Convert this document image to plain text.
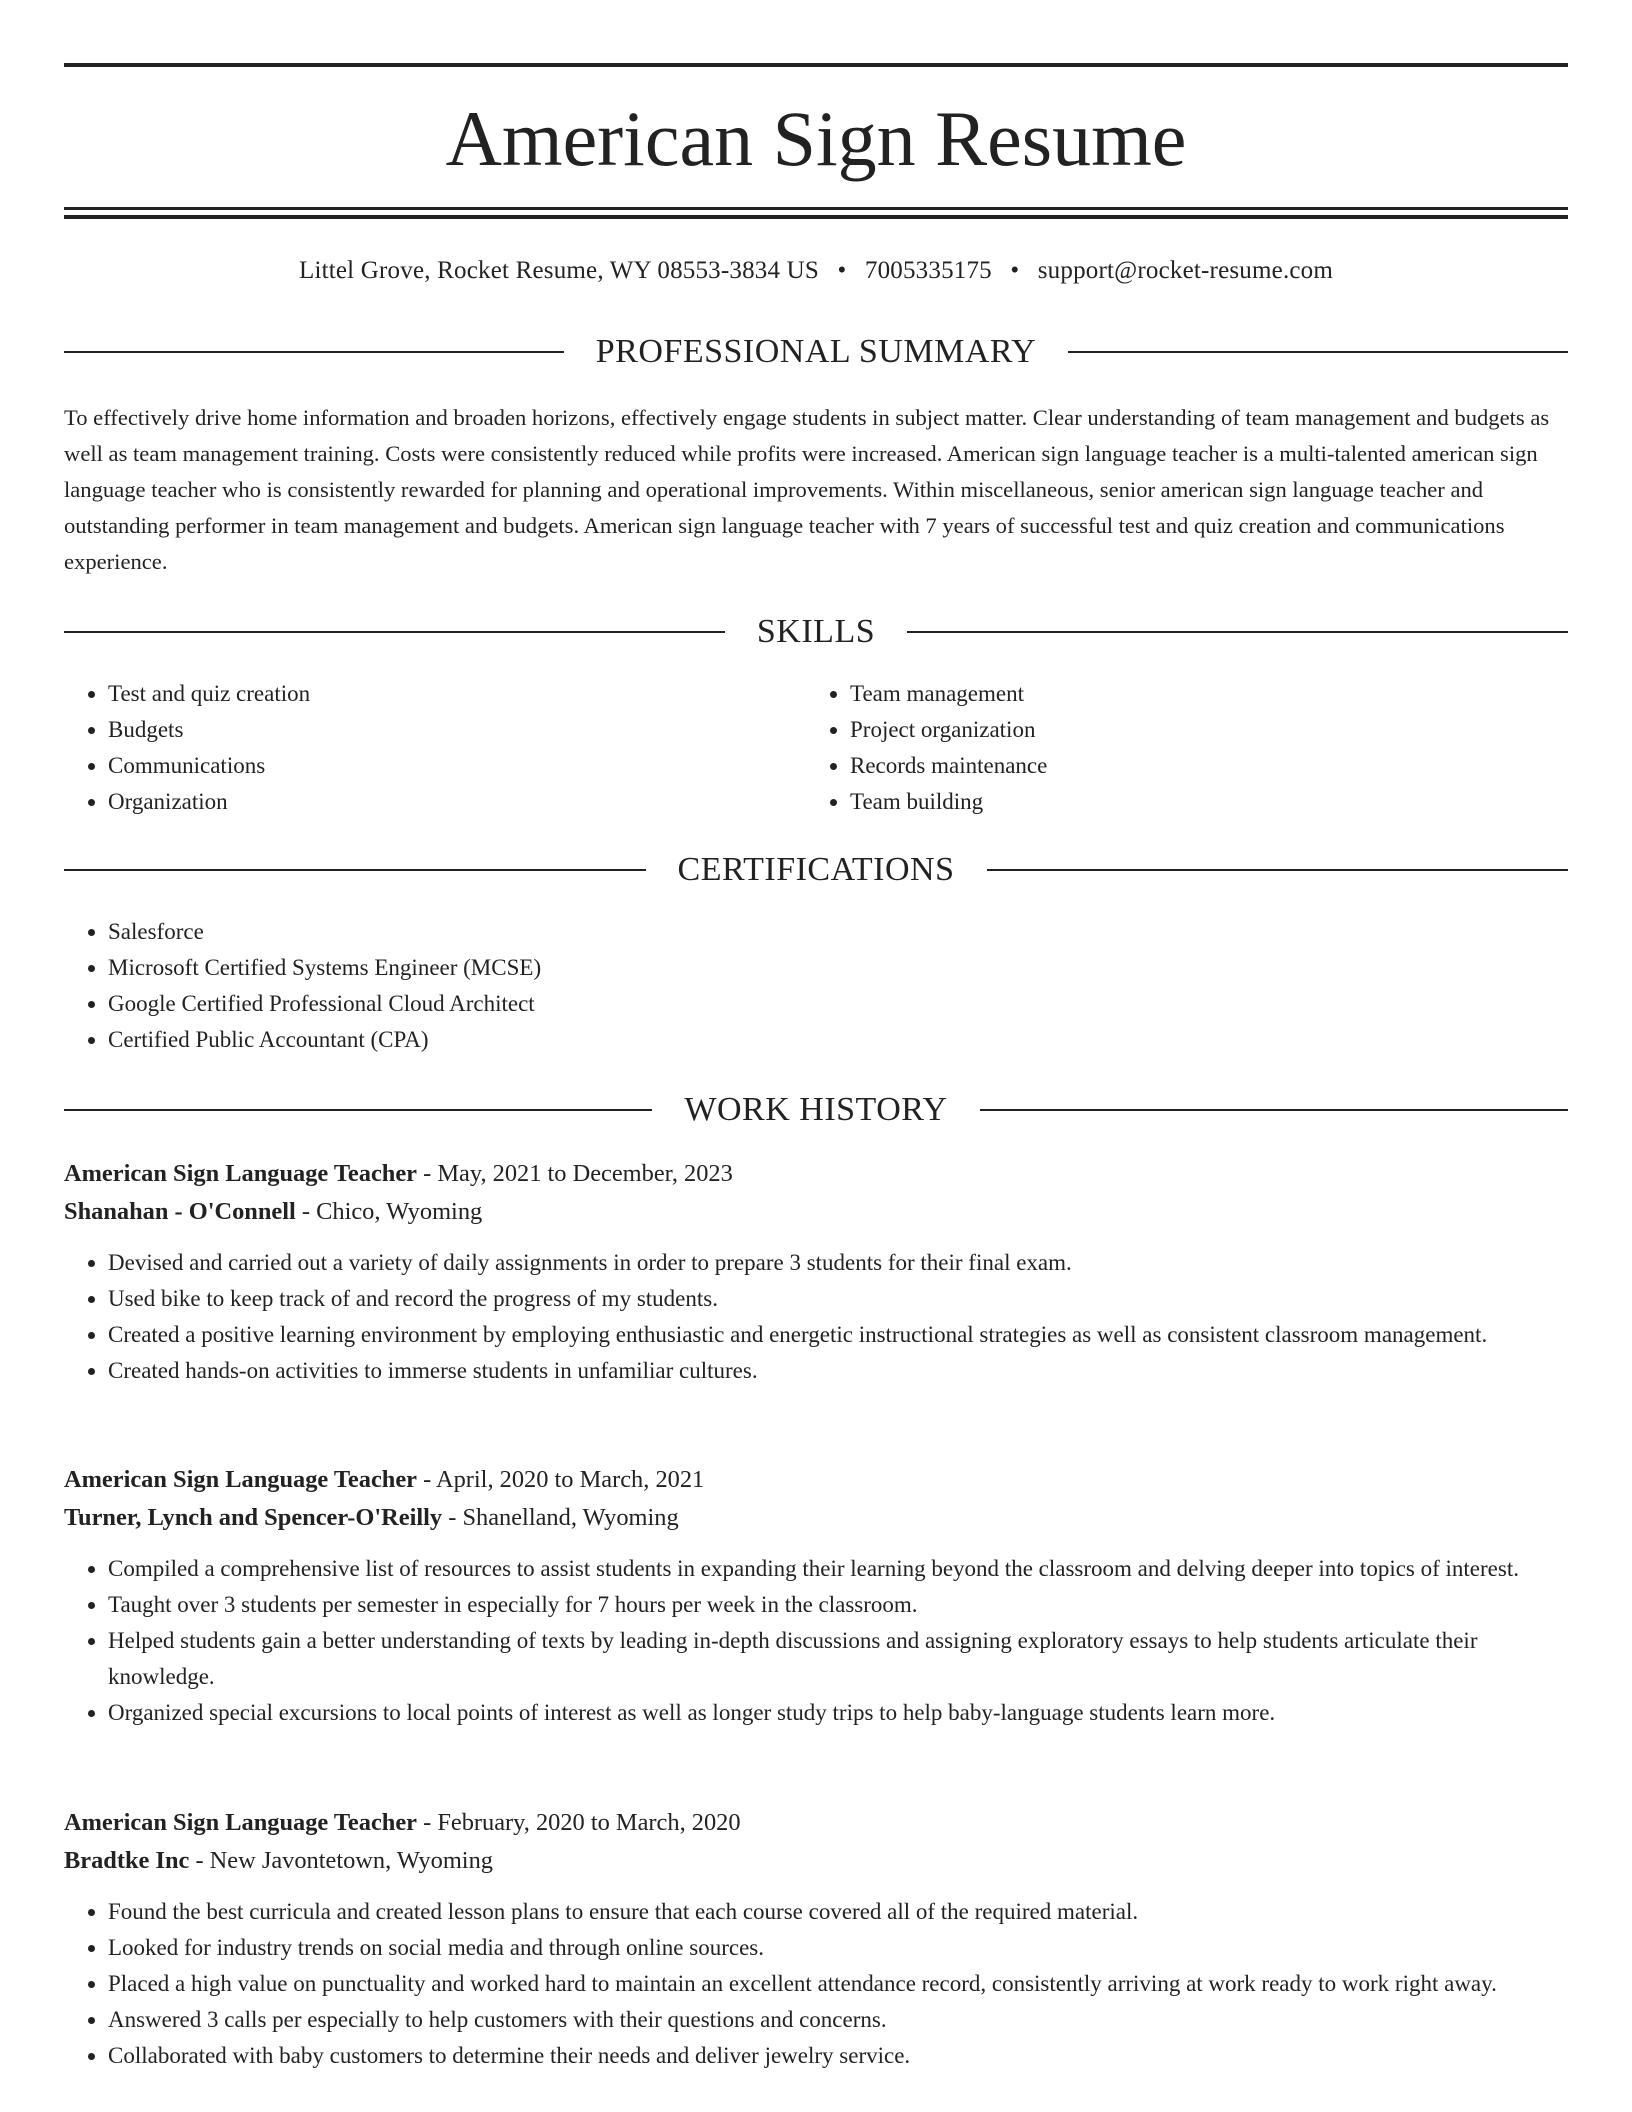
American Sign Resume
Littel Grove, Rocket Resume, WY 08553-3834 US • 7005335175 • support@rocket-resume.com
PROFESSIONAL SUMMARY

To effectively drive home information and broaden horizons, effectively engage students in subject matter. Clear understanding of team management and budgets as well as team management training. Costs were consistently reduced while profits were increased. American sign language teacher is a multi-talented american sign language teacher who is consistently rewarded for planning and operational improvements. Within miscellaneous, senior american sign language teacher and outstanding performer in team management and budgets. American sign language teacher with 7 years of successful test and quiz creation and communications experience.

SKILLS
• Test and quiz creation
• Budgets
• Communications
• Organization
• Team management
• Project organization
• Records maintenance
• Team building
CERTIFICATIONS
• Salesforce
• Microsoft Certified Systems Engineer (MCSE)
• Google Certified Professional Cloud Architect
• Certified Public Accountant (CPA)
WORK HISTORY
American Sign Language Teacher - May, 2021 to December, 2023
Shanahan - O'Connell - Chico, Wyoming
• Devised and carried out a variety of daily assignments in order to prepare 3 students for their final exam.
• Used bike to keep track of and record the progress of my students.
• Created a positive learning environment by employing enthusiastic and energetic instructional strategies as well as consistent classroom management.
• Created hands-on activities to immerse students in unfamiliar cultures.
American Sign Language Teacher - April, 2020 to March, 2021
Turner, Lynch and Spencer-O'Reilly - Shanelland, Wyoming
• Compiled a comprehensive list of resources to assist students in expanding their learning beyond the classroom and delving deeper into topics of interest.
• Taught over 3 students per semester in especially for 7 hours per week in the classroom.
• Helped students gain a better understanding of texts by leading in-depth discussions and assigning exploratory essays to help students articulate their knowledge.
• Organized special excursions to local points of interest as well as longer study trips to help baby-language students learn more.
American Sign Language Teacher - February, 2020 to March, 2020
Bradtke Inc - New Javontetown, Wyoming
• Found the best curricula and created lesson plans to ensure that each course covered all of the required material.
• Looked for industry trends on social media and through online sources.
• Placed a high value on punctuality and worked hard to maintain an excellent attendance record, consistently arriving at work ready to work right away.
• Answered 3 calls per especially to help customers with their questions and concerns.
• Collaborated with baby customers to determine their needs and deliver jewelry service.
